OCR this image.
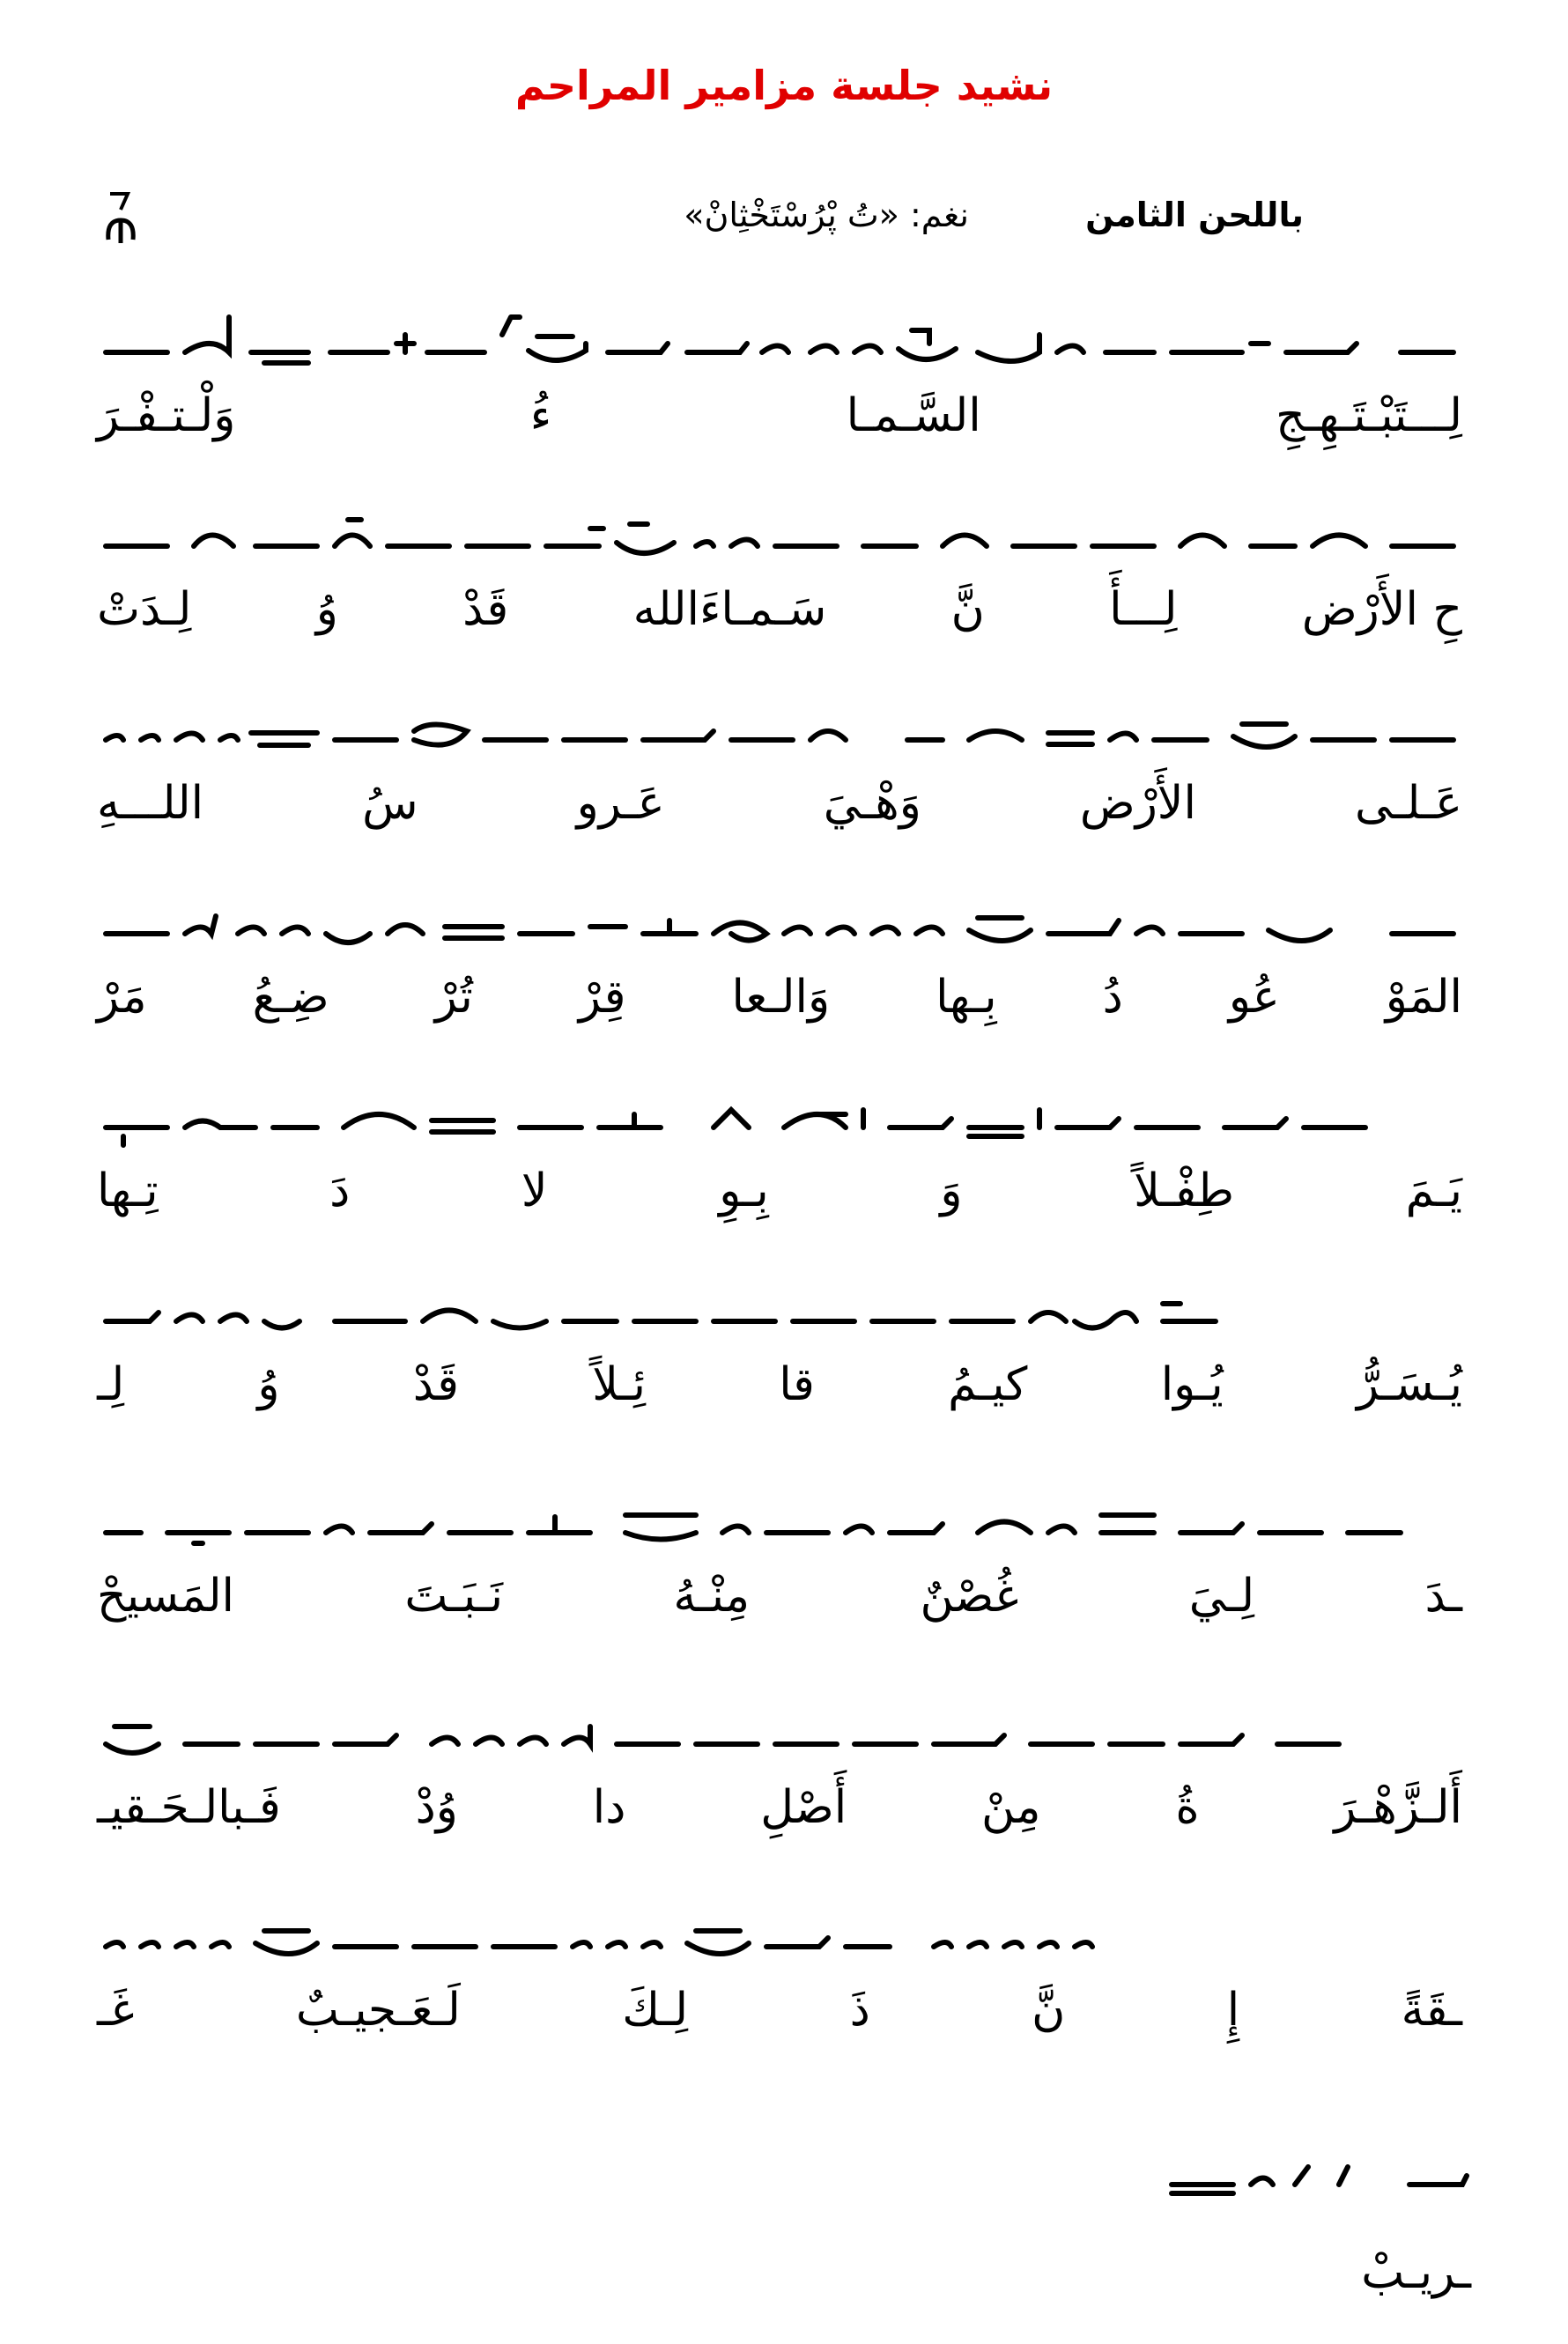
نشيد جلسة مزامير المراحم
باللحن الثامن
نغم: «تُ پْرُسْتَخْثِانْ»
لِـــتَبْـتَـهِـجِ
السَّـمـا
ءُ
وَلْـتـفْـرَ
حِ الأَرْض
لِـــأَ
نَّ
سَـمـاءَالله
قَدْ
وُ
لِـدَتْ
عَـلـى
الأَرْض
وَهْـيَ
عَـرو
سُ
اللـــهِ
المَوْ
عُو
دُ
بِـها
وَالـعا
قِرْ
تُرْ
ضِـعُ
مَرْ
يَـمَ
طِفْـلاً
وَ
بِـوِ
لا
دَ
تِـها
يُـسَـرُّ
يُـوا
كيـمُ
قا
ئِـلاً
قَدْ
وُ
لِـ
ـدَ
لِـيَ
غُصْنٌ
مِنْـهُ
نَـبَـتَ
المَسيحْ
أَلـزَّهْـرَ
ةُ
مِنْ
أَصْلِ
دا
وُدْ
فَـبالـحَـقيـ
ـقَةً
إِ
نَّ
ذَ
لِـكَ
لَـعَـجيـبٌ
غَـ
ـريـبْ
